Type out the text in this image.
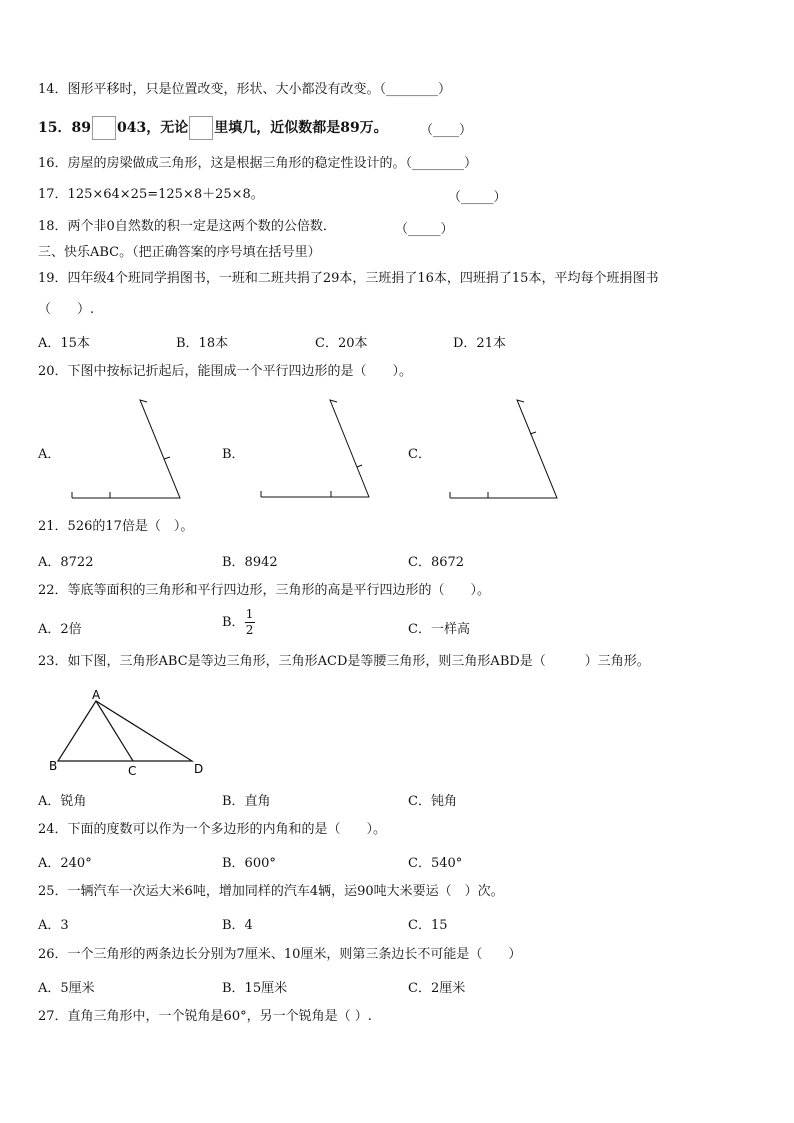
14．图形平移时，只是位置改变，形状、大小都没有改变。（________）
15．89 043，无论 里填几，近似数都是89万。 （____）
16．房屋的房梁做成三角形，这是根据三角形的稳定性设计的。（________）
17．125×64×25=125×8＋25×8。	（_____）
18．两个非0自然数的积一定是这两个数的公倍数．	（_____）
三、快乐ABC。（把正确答案的序号填在括号里）
19．四年级4个班同学捐图书，一班和二班共捐了29本，三班捐了16本，四班捐了15本，平均每个班捐图书
（　　）.
A．15本	B．18本	C．20本	D．21本
20．下图中按标记折起后，能围成一个平行四边形的是（　　）。
A．	B．	C．
21．526的17倍是（　）。
A．8722	B．8942	C．8672
22．等底等面积的三角形和平行四边形，三角形的高是平行四边形的（　　）。
A．2倍	B． $\frac{1}{2}$	C．一样高
23．如下图，三角形ABC是等边三角形，三角形ACD是等腰三角形，则三角形ABD是（　　　）三角形。
A
B	C	D
A．锐角	B．直角	C．钝角
24．下面的度数可以作为一个多边形的内角和的是（　　）。
A．240°	B．600°	C．540°
25．一辆汽车一次运大米6吨，增加同样的汽车4辆，运90吨大米要运（　）次。
A．3	B．4	C．15
26．一个三角形的两条边长分别为7厘米、10厘米，则第三条边长不可能是（　　）
A．5厘米	B．15厘米	C．2厘米
27．直角三角形中，一个锐角是60°，另一个锐角是（ ）.
